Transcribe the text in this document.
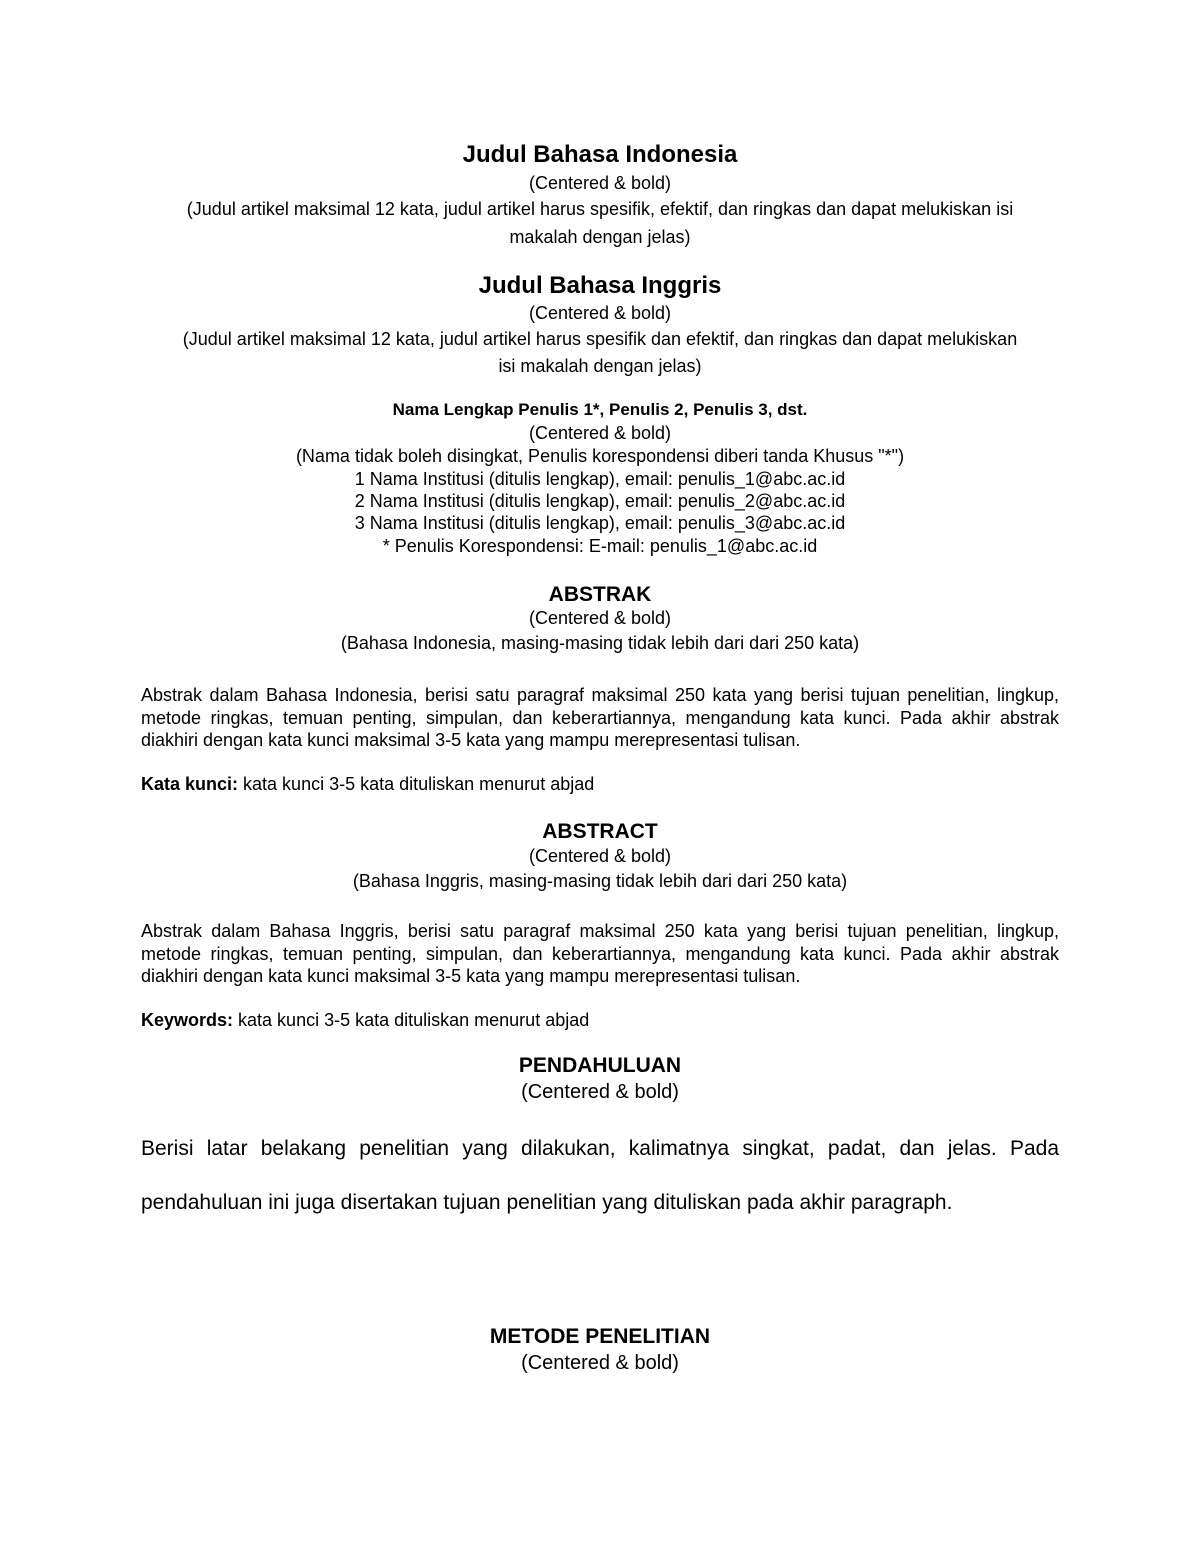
Judul Bahasa Indonesia
(Centered & bold)
(Judul artikel maksimal 12 kata, judul artikel harus spesifik, efektif, dan ringkas dan dapat melukiskan isi
makalah dengan jelas)
Judul Bahasa Inggris
(Centered & bold)
(Judul artikel maksimal 12 kata, judul artikel harus spesifik dan efektif, dan ringkas dan dapat melukiskan
isi makalah dengan jelas)
Nama Lengkap Penulis 1*, Penulis 2, Penulis 3, dst.
(Centered & bold)
(Nama tidak boleh disingkat, Penulis korespondensi diberi tanda Khusus "*")
1 Nama Institusi (ditulis lengkap), email: penulis_1@abc.ac.id
2 Nama Institusi (ditulis lengkap), email: penulis_2@abc.ac.id
3 Nama Institusi (ditulis lengkap), email: penulis_3@abc.ac.id
* Penulis Korespondensi: E-mail: penulis_1@abc.ac.id
ABSTRAK
(Centered & bold)
(Bahasa Indonesia, masing-masing tidak lebih dari dari 250 kata)
Abstrak dalam Bahasa Indonesia, berisi satu paragraf maksimal 250 kata yang berisi tujuan penelitian, lingkup, metode ringkas, temuan penting, simpulan, dan keberartiannya, mengandung kata kunci. Pada akhir abstrak diakhiri dengan kata kunci maksimal 3-5 kata yang mampu merepresentasi tulisan.
Kata kunci: kata kunci 3-5 kata dituliskan menurut abjad
ABSTRACT
(Centered & bold)
(Bahasa Inggris, masing-masing tidak lebih dari dari 250 kata)
Abstrak dalam Bahasa Inggris, berisi satu paragraf maksimal 250 kata yang berisi tujuan penelitian, lingkup, metode ringkas, temuan penting, simpulan, dan keberartiannya, mengandung kata kunci. Pada akhir abstrak diakhiri dengan kata kunci maksimal 3-5 kata yang mampu merepresentasi tulisan.
Keywords: kata kunci 3-5 kata dituliskan menurut abjad
PENDAHULUAN
(Centered & bold)
Berisi latar belakang penelitian yang dilakukan, kalimatnya singkat, padat, dan jelas. Pada pendahuluan ini juga disertakan tujuan penelitian yang dituliskan pada akhir paragraph.
METODE PENELITIAN
(Centered & bold)
